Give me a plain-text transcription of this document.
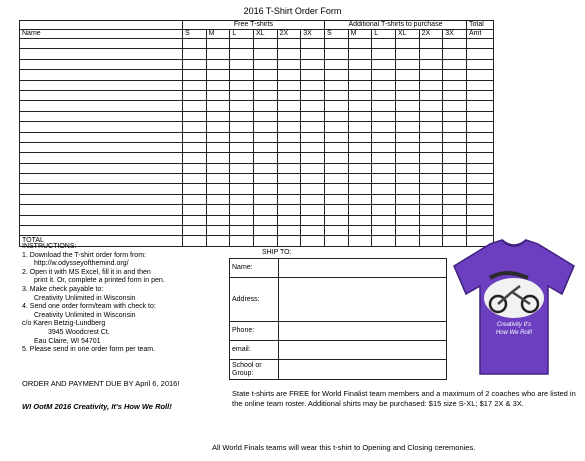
2016 T-Shirt Order Form
	Free T-shirts						Additional T-shirts to purchase						Total
Name	S	M	L	XL	2X	3X	S	M	L	XL	2X	3X	Amt

TOTAL													
INSTRUCTIONS:
1. Download the T-shirt order form from:
http://w.odysseyofthemind.org/
2. Open it with MS Excel, fill it in and then
print it. Or, complete a printed form in pen.
3. Make check payable to:
Creativity Unlimited in Wisconsin
4. Send one order form/team with check to:
Creativity Unlimited in Wisconsin
c/o Karen Betzig-Lundberg
3945 Woodcrest Ct.
Eau Claire, WI 54701
5. Please send in one order form per team.
ORDER AND PAYMENT DUE BY April 6, 2016!
WI OotM 2016 Creativity, It's How We Roll!
SHIP TO:
Name:	
Address:	
Phone:	
email:	
School or Group:	
Creativity It's
How We Roll!
State t-shirts are FREE for World Finalist team members and a maximum of 2 coaches who are listed in the online team roster. Additional shirts may be purchased: $15 size S-XL; $17 2X & 3X.
All World Finals teams will wear this t-shirt to Opening and Closing ceremonies.
